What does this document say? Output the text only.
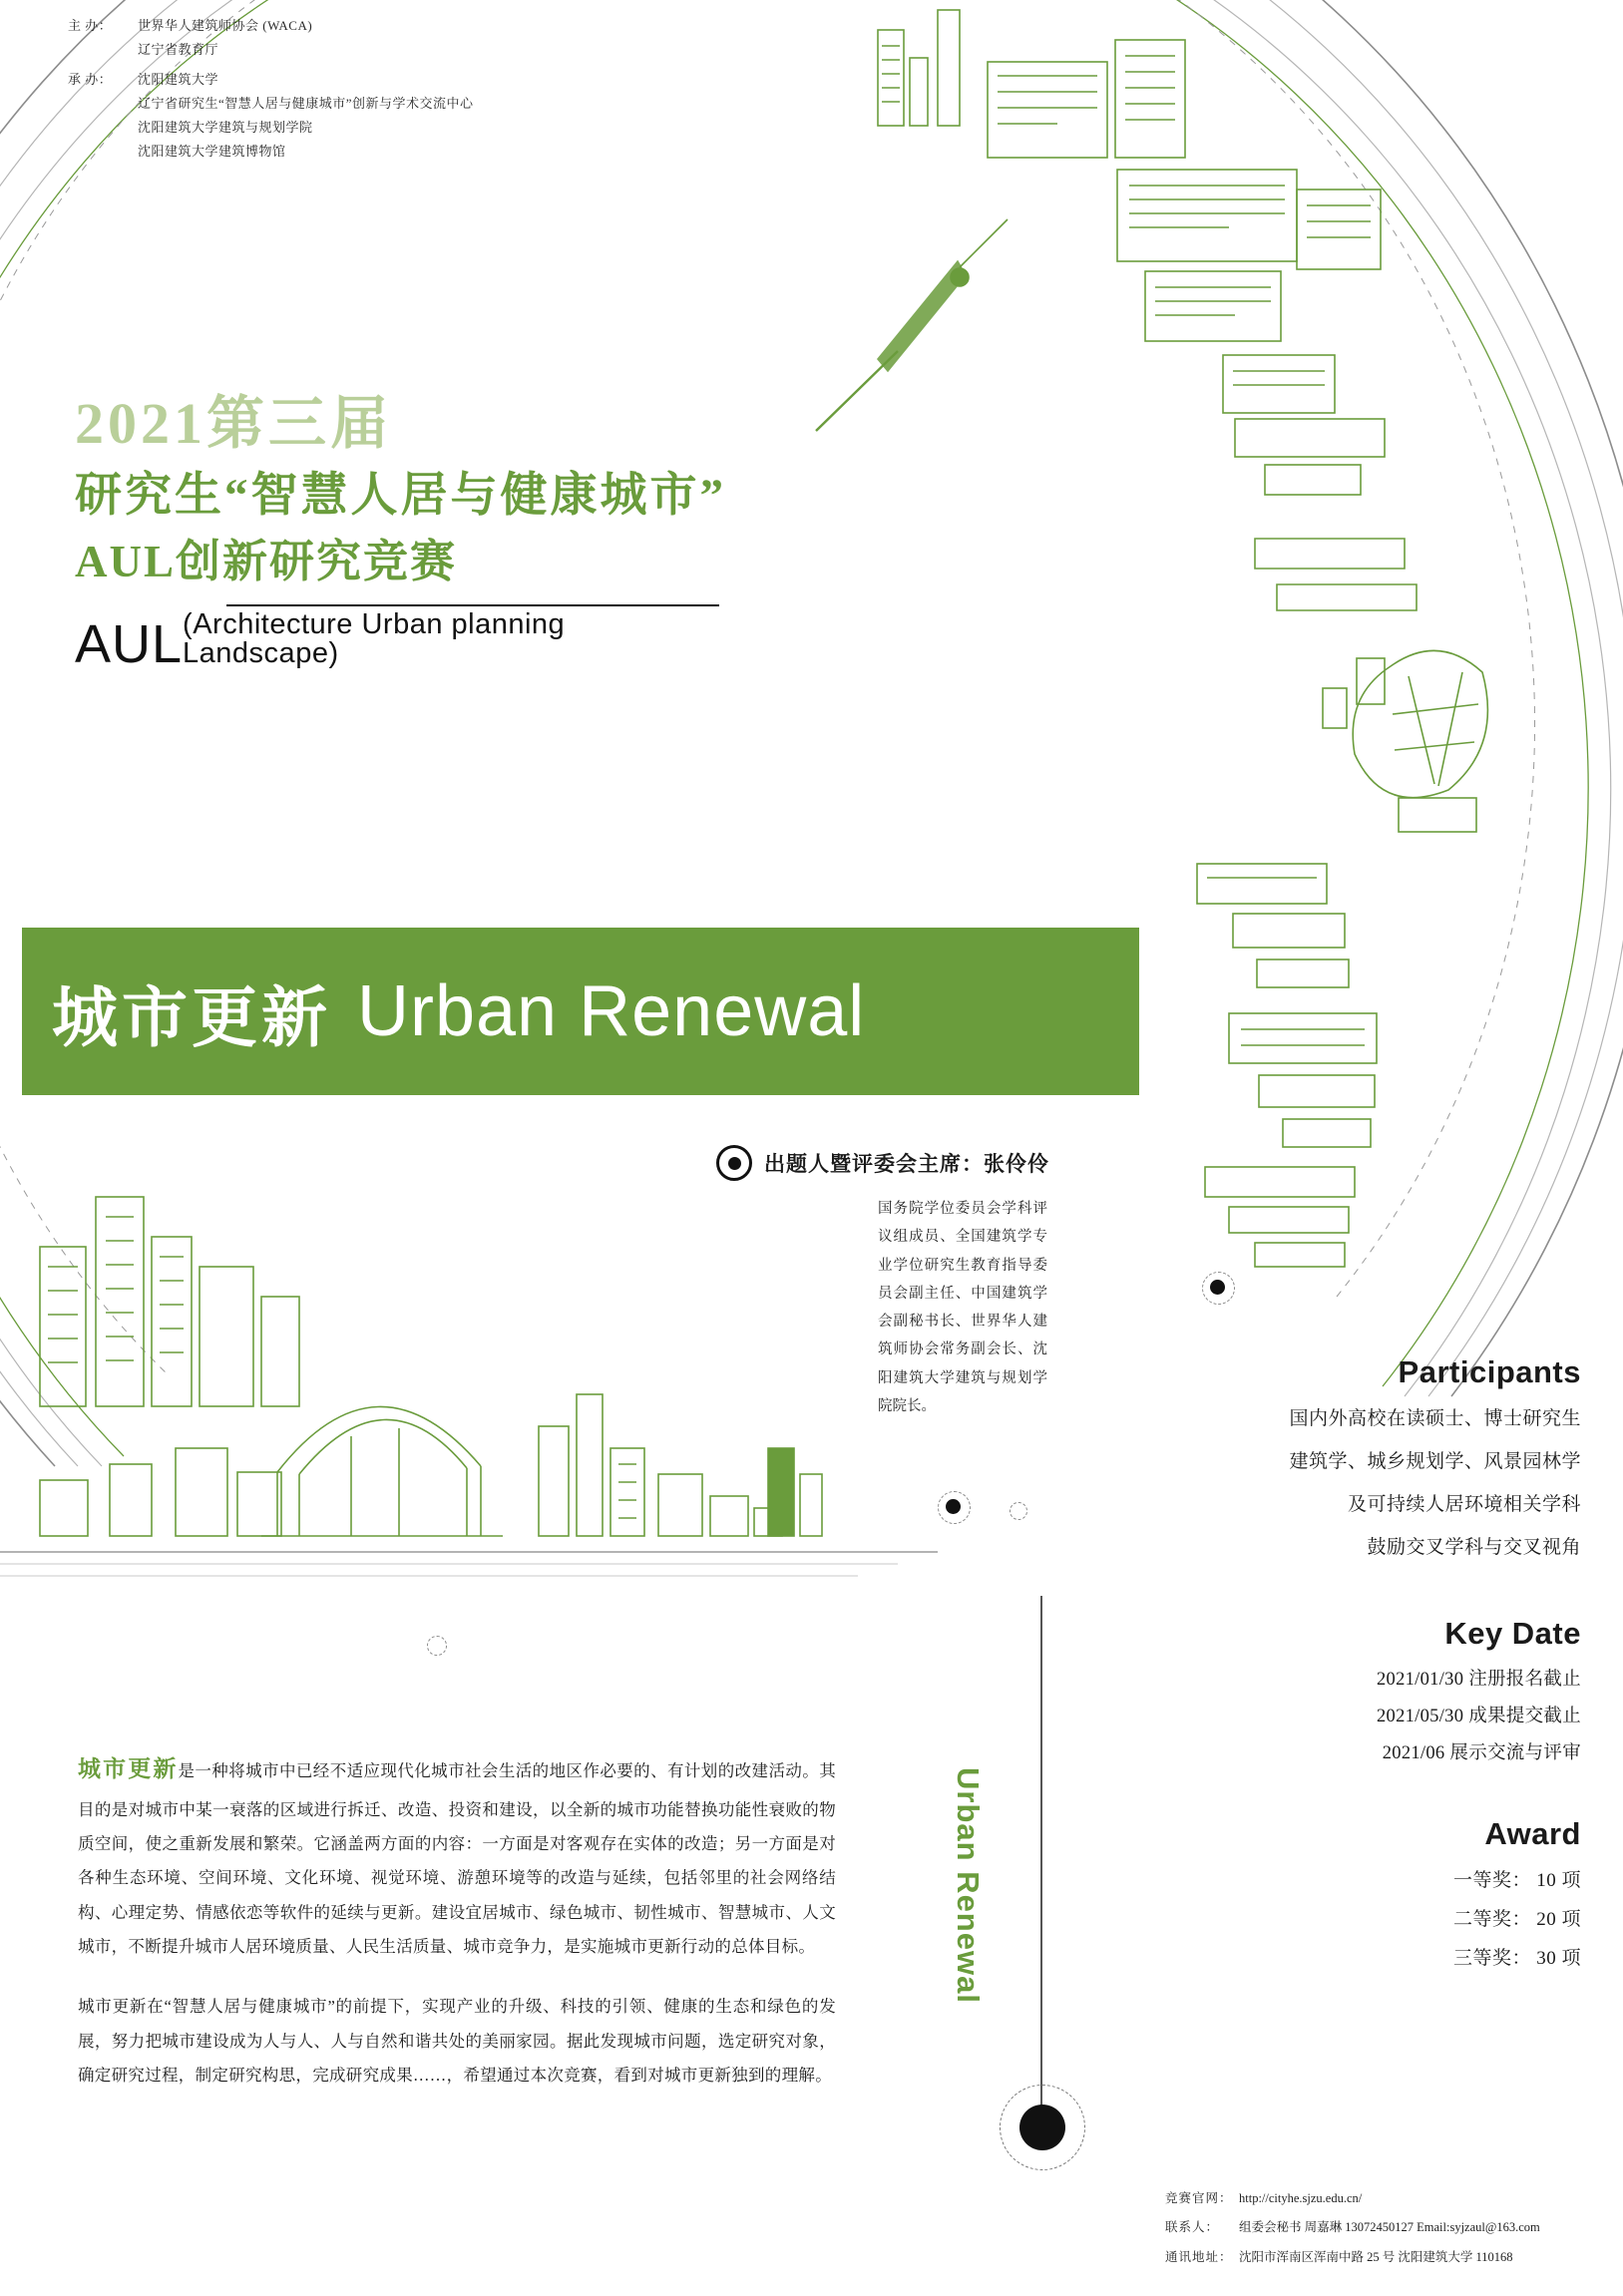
主 办：	世界华人建筑师协会 (WACA)
辽宁省教育厅
承 办：	沈阳建筑大学
辽宁省研究生“智慧人居与健康城市”创新与学术交流中心
沈阳建筑大学建筑与规划学院
沈阳建筑大学建筑博物馆
2021第三届
研究生“智慧人居与健康城市”
AUL创新研究竞赛
AUL (Architecture Urban planning Landscape)
城市更新 Urban Renewal
出题人暨评委会主席：张伶伶
国务院学位委员会学科评议组成员、全国建筑学专业学位研究生教育指导委员会副主任、中国建筑学会副秘书长、世界华人建筑师协会常务副会长、沈阳建筑大学建筑与规划学院院长。
Participants
国内外高校在读硕士、博士研究生
建筑学、城乡规划学、风景园林学
及可持续人居环境相关学科
鼓励交叉学科与交叉视角
Key Date
2021/01/30 注册报名截止
2021/05/30 成果提交截止
2021/06 展示交流与评审
Award
一等奖： 10 项
二等奖： 20 项
三等奖： 30 项

城市更新是一种将城市中已经不适应现代化城市社会生活的地区作必要的、有计划的改建活动。其目的是对城市中某一衰落的区域进行拆迁、改造、投资和建设，以全新的城市功能替换功能性衰败的物质空间，使之重新发展和繁荣。它涵盖两方面的内容：一方面是对客观存在实体的改造；另一方面是对各种生态环境、空间环境、文化环境、视觉环境、游憩环境等的改造与延续，包括邻里的社会网络结构、心理定势、情感依恋等软件的延续与更新。建设宜居城市、绿色城市、韧性城市、智慧城市、人文城市，不断提升城市人居环境质量、人民生活质量、城市竞争力，是实施城市更新行动的总体目标。

城市更新在“智慧人居与健康城市”的前提下，实现产业的升级、科技的引领、健康的生态和绿色的发展，努力把城市建设成为人与人、人与自然和谐共处的美丽家园。据此发现城市问题，选定研究对象，确定研究过程，制定研究构思，完成研究成果……，希望通过本次竞赛，看到对城市更新独到的理解。

Urban Renewal
竞赛官网： http://cityhe.sjzu.edu.cn/
联系人：	组委会秘书 周嘉琳 13072450127 Email:syjzaul@163.com
通讯地址： 沈阳市浑南区浑南中路 25 号 沈阳建筑大学 110168
